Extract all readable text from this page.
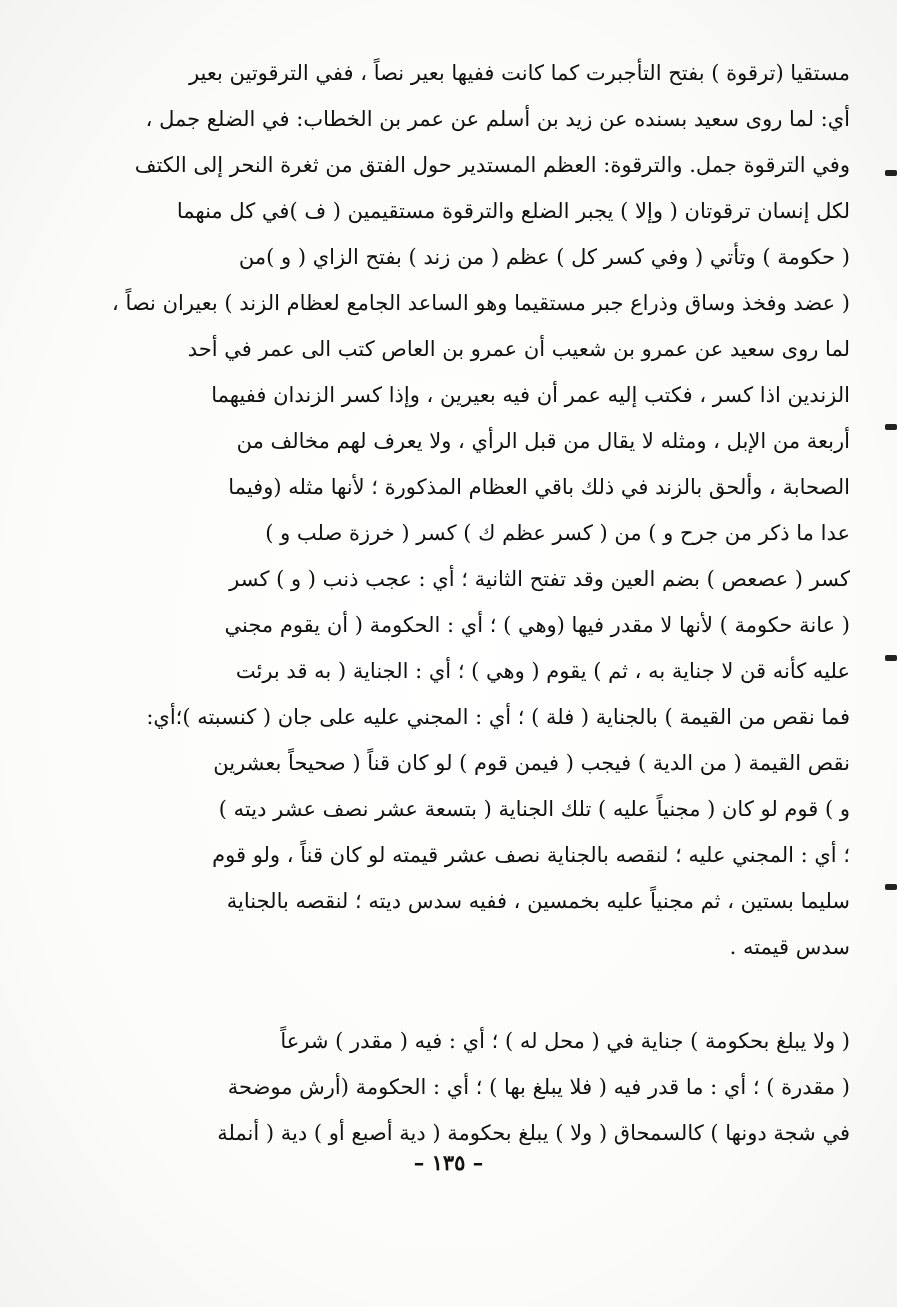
مستقيا (ترقوة ) بفتح التأجبرت كما كانت ففيها بعير نصاً ، ففي الترقوتين بعير
أي: لما روى سعيد بسنده عن زيد بن أسلم عن عمر بن الخطاب: في الضلع جمل ،
وفي الترقوة جمل. والترقوة: العظم المستدير حول الفتق من ثغرة النحر إلى الكتف
لكل إنسان ترقوتان ( وإلا ) يجبر الضلع والترقوة مستقيمين ( ف )في كل منهما
( حكومة ) وتأتي ( وفي كسر كل ) عظم ( من زند ) بفتح الزاي ( و )من
( عضد وفخذ وساق وذراع جبر مستقيما وهو الساعد الجامع لعظام الزند ) بعيران نصاً ،
لما روى سعيد عن عمرو بن شعيب أن عمرو بن العاص كتب الى عمر في أحد
الزندين اذا كسر ، فكتب إليه عمر أن فيه بعيرين ، وإذا كسر الزندان ففيهما
أربعة من الإبل ، ومثله لا يقال من قبل الرأي ، ولا يعرف لهم مخالف من
الصحابة ، وألحق بالزند في ذلك باقي العظام المذكورة ؛ لأنها مثله (وفيما
عدا ما ذكر من جرح و ) من ( كسر عظم ك ) كسر ( خرزة صلب و )
كسر ( عصعص ) بضم العين وقد تفتح الثانية ؛ أي : عجب ذنب ( و ) كسر
( عانة حكومة ) لأنها لا مقدر فيها (وهي ) ؛ أي : الحكومة ( أن يقوم مجني
عليه كأنه قن لا جناية به ، ثم ) يقوم ( وهي ) ؛ أي : الجناية ( به قد برئت
فما نقص من القيمة ) بالجناية ( فلة ) ؛ أي : المجني عليه على جان ( كنسبته )؛أي:
نقص القيمة ( من الدية ) فيجب ( فيمن قوم ) لو كان قناً ( صحيحاً بعشرين
و ) قوم لو كان ( مجنياً عليه ) تلك الجناية ( بتسعة عشر نصف عشر ديته )
؛ أي : المجني عليه ؛ لنقصه بالجناية نصف عشر قيمته لو كان قناً ، ولو قوم
سليما بستين ، ثم مجنياً عليه بخمسين ، ففيه سدس ديته ؛ لنقصه بالجناية
سدس قيمته .
( ولا يبلغ بحكومة ) جناية في ( محل له ) ؛ أي : فيه ( مقدر ) شرعاً
( مقدرة ) ؛ أي : ما قدر فيه ( فلا يبلغ بها ) ؛ أي : الحكومة (أرش موضحة
في شجة دونها ) كالسمحاق ( ولا ) يبلغ بحكومة ( دية أصبع أو ) دية ( أنملة
– ١٣٥ –
